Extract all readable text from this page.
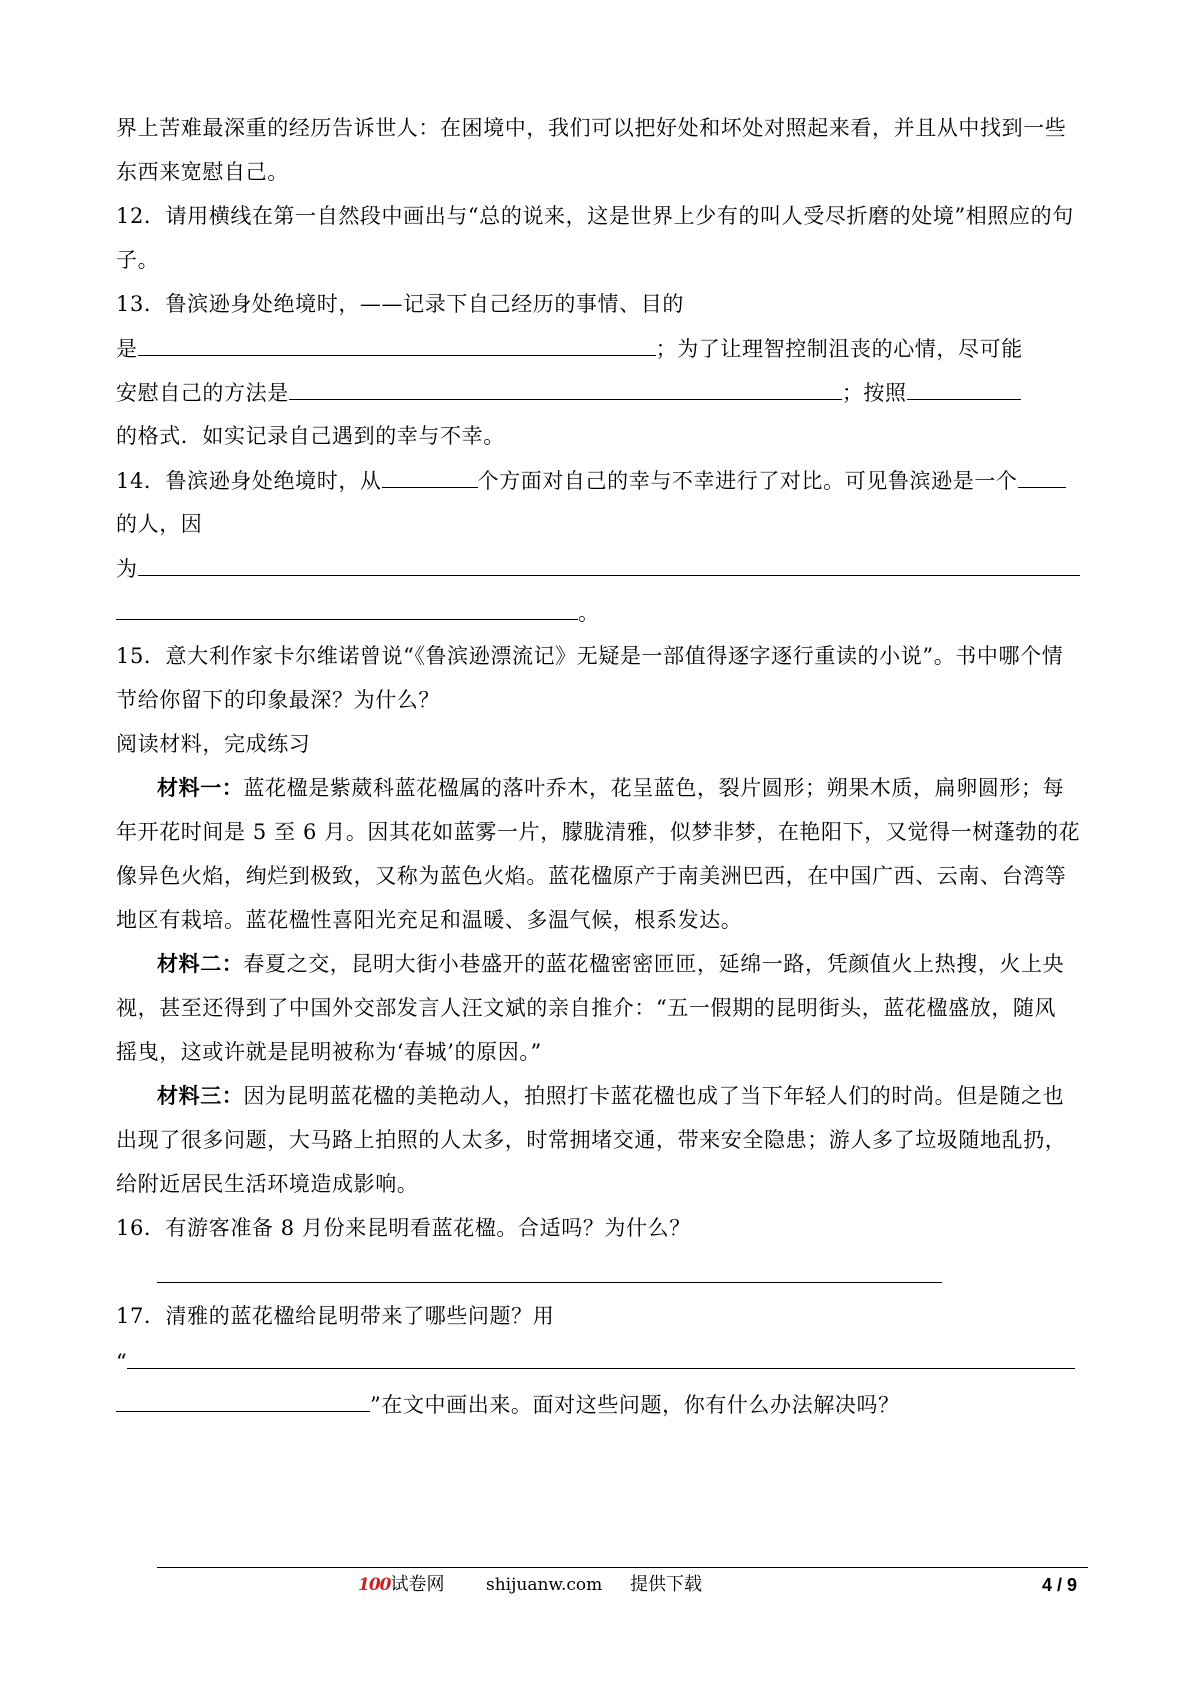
界上苦难最深重的经历告诉世人：在困境中，我们可以把好处和坏处对照起来看，并且从中找到一些
东西来宽慰自己。
12．请用横线在第一自然段中画出与“总的说来，这是世界上少有的叫人受尽折磨的处境”相照应的句
子。
13．鲁滨逊身处绝境时，——记录下自己经历的事情、目的
是	；为了让理智控制沮丧的心情，尽可能
安慰自己的方法是	；按照
的格式．如实记录自己遇到的幸与不幸。
14．鲁滨逊身处绝境时，从	个方面对自己的幸与不幸进行了对比。可见鲁滨逊是一个
的人，因
为
。
15．意大利作家卡尔维诺曾说“《鲁滨逊漂流记》无疑是一部值得逐字逐行重读的小说”。书中哪个情
节给你留下的印象最深？为什么？
阅读材料，完成练习
材料一：蓝花楹是紫葳科蓝花楹属的落叶乔木，花呈蓝色，裂片圆形；朔果木质，扁卵圆形；每
年开花时间是 5 至 6 月。因其花如蓝雾一片，朦胧清雅，似梦非梦，在艳阳下，又觉得一树蓬勃的花
像异色火焰，绚烂到极致，又称为蓝色火焰。蓝花楹原产于南美洲巴西，在中国广西、云南、台湾等
地区有栽培。蓝花楹性喜阳光充足和温暖、多温气候，根系发达。
材料二：春夏之交，昆明大街小巷盛开的蓝花楹密密匝匝，延绵一路，凭颜值火上热搜，火上央
视，甚至还得到了中国外交部发言人汪文斌的亲自推介：“五一假期的昆明街头，蓝花楹盛放，随风
摇曳，这或许就是昆明被称为‘春城’的原因。”
材料三：因为昆明蓝花楹的美艳动人，拍照打卡蓝花楹也成了当下年轻人们的时尚。但是随之也
出现了很多问题，大马路上拍照的人太多，时常拥堵交通，带来安全隐患；游人多了垃圾随地乱扔，
给附近居民生活环境造成影响。
16．有游客准备 8 月份来昆明看蓝花楹。合适吗？为什么？
17．清雅的蓝花楹给昆明带来了哪些问题？用
“
”在文中画出来。面对这些问题，你有什么办法解决吗？
100试卷网 shijuanw.com 提供下载	4 / 9
